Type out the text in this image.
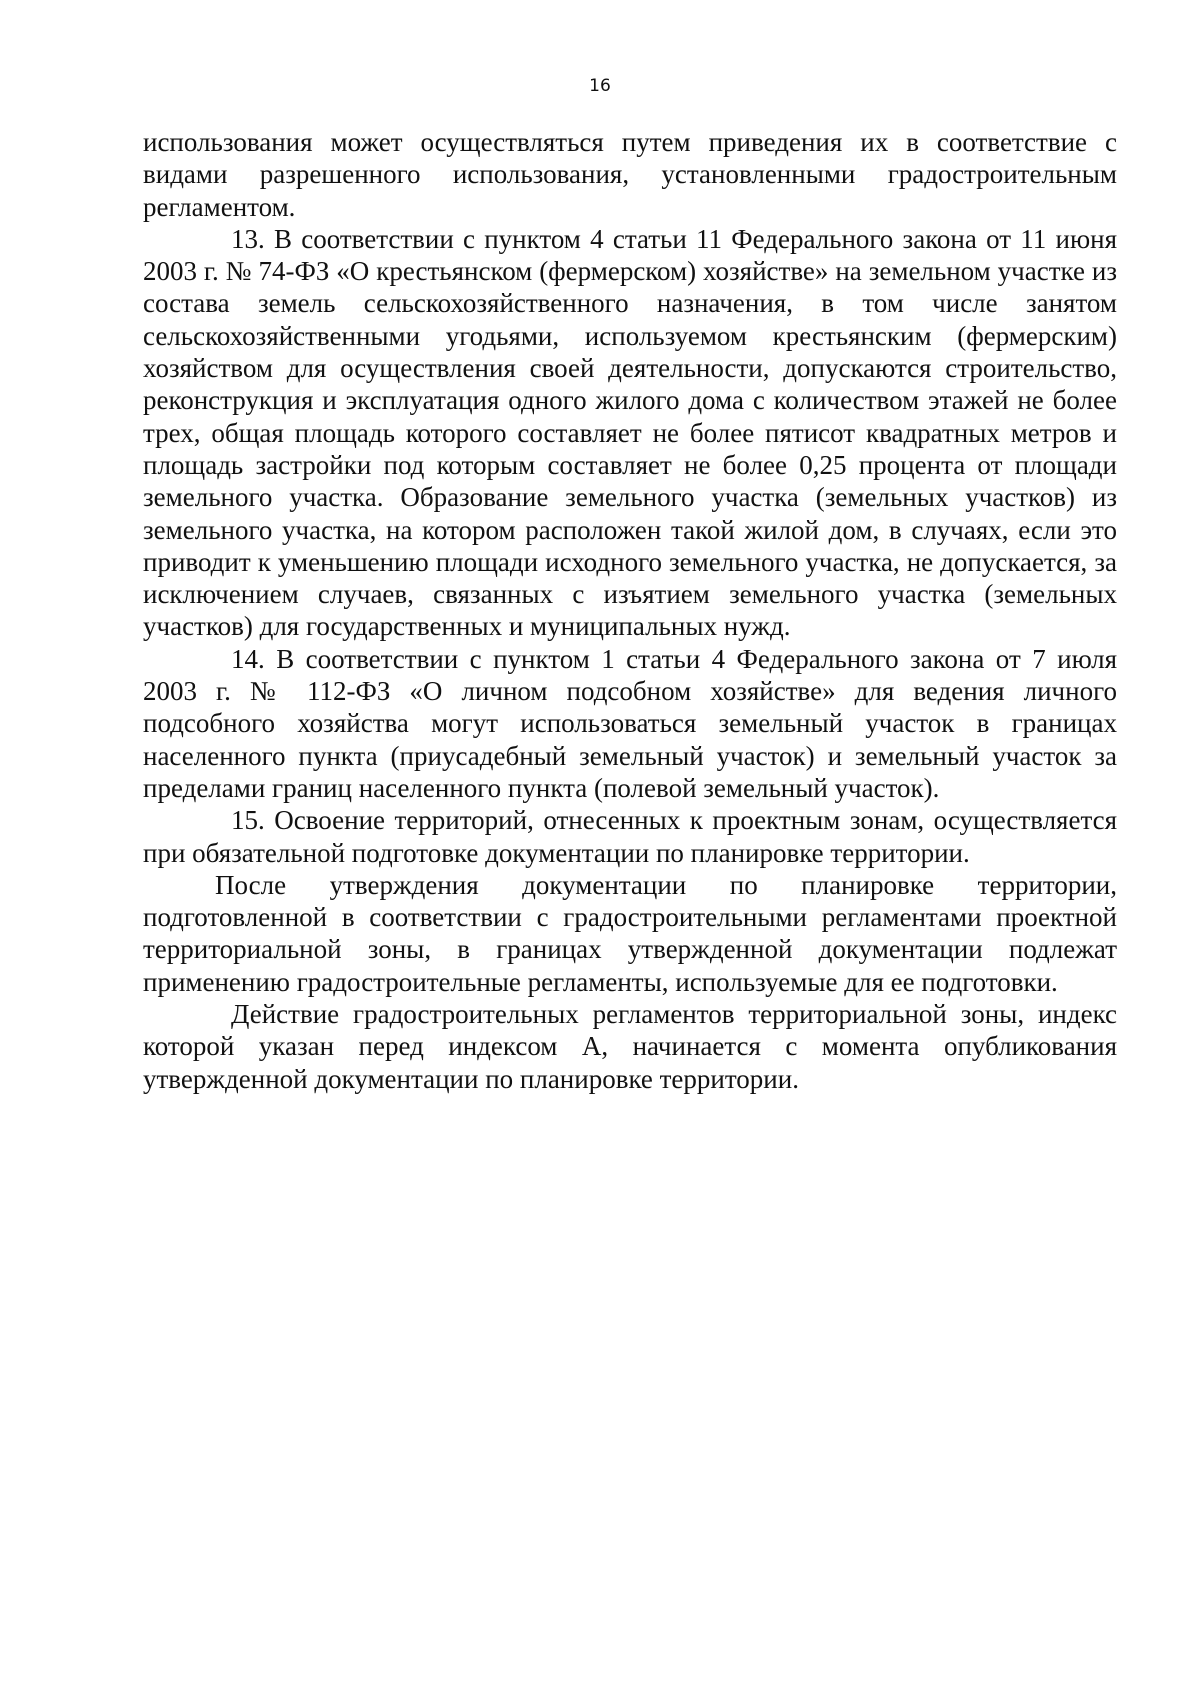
16

использования может осуществляться путем приведения их в соответствие с видами разрешенного использования, установленными градостроительным регламентом.

13. В соответствии с пунктом 4 статьи 11 Федерального закона от 11 июня 2003 г. № 74-ФЗ «О крестьянском (фермерском) хозяйстве» на земельном участке из состава земель сельскохозяйственного назначения, в том числе занятом сельскохозяйственными угодьями, используемом крестьянским (фермерским) хозяйством для осуществления своей деятельности, допускаются строительство, реконструкция и эксплуатация одного жилого дома с количеством этажей не более трех, общая площадь которого составляет не более пятисот квадратных метров и площадь застройки под которым составляет не более 0,25 процента от площади земельного участка. Образование земельного участка (земельных участков) из земельного участка, на котором расположен такой жилой дом, в случаях, если это приводит к уменьшению площади исходного земельного участка, не допускается, за исключением случаев, связанных с изъятием земельного участка (земельных участков) для государственных и муниципальных нужд.

14. В соответствии с пунктом 1 статьи 4 Федерального закона от 7 июля 2003 г. № 112-ФЗ «О личном подсобном хозяйстве» для ведения личного подсобного хозяйства могут использоваться земельный участок в границах населенного пункта (приусадебный земельный участок) и земельный участок за пределами границ населенного пункта (полевой земельный участок).

15. Освоение территорий, отнесенных к проектным зонам, осуществляется при обязательной подготовке документации по планировке территории.

После утверждения документации по планировке территории, подготовленной в соответствии с градостроительными регламентами проектной территориальной зоны, в границах утвержденной документации подлежат применению градостроительные регламенты, используемые для ее подготовки.

Действие градостроительных регламентов территориальной зоны, индекс которой указан перед индексом А, начинается с момента опубликования утвержденной документации по планировке территории.
